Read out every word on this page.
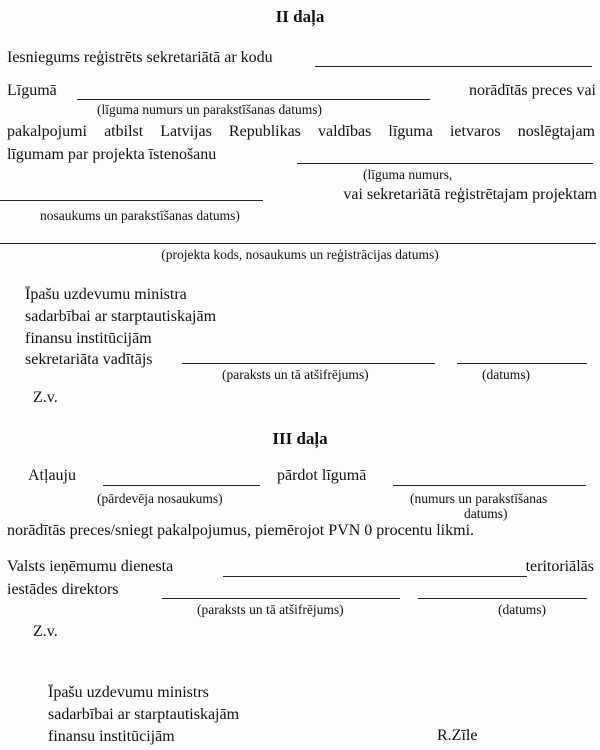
II daļa
Iesniegums reģistrēts sekretariātā ar kodu
Līgumā	norādītās preces vai
(līguma numurs un parakstīšanas datums)
pakalpojumi atbilst Latvijas Republikas valdības līguma ietvaros noslēgtajam
līgumam par projekta īstenošanu
(līguma numurs,
vai sekretariātā reģistrētajam projektam
nosaukums un parakstīšanas datums)
(projekta kods, nosaukums un reģistrācijas datums)
Īpašu uzdevumu ministra
sadarbībai ar starptautiskajām
finansu institūcijām
sekretariāta vadītājs
(paraksts un tā atšifrējums)	(datums)
Z.v.
III daļa
Atļauju	pārdot līgumā
(pārdevēja nosaukums)	(numurs un parakstīšanas
datums)
norādītās preces/sniegt pakalpojumus, piemērojot PVN 0 procentu likmi.
Valsts ieņēmumu dienesta	teritoriālās
iestādes direktors
(paraksts un tā atšifrējums)	(datums)
Z.v.
Īpašu uzdevumu ministrs
sadarbībai ar starptautiskajām
finansu institūcijām	R.Zīle
